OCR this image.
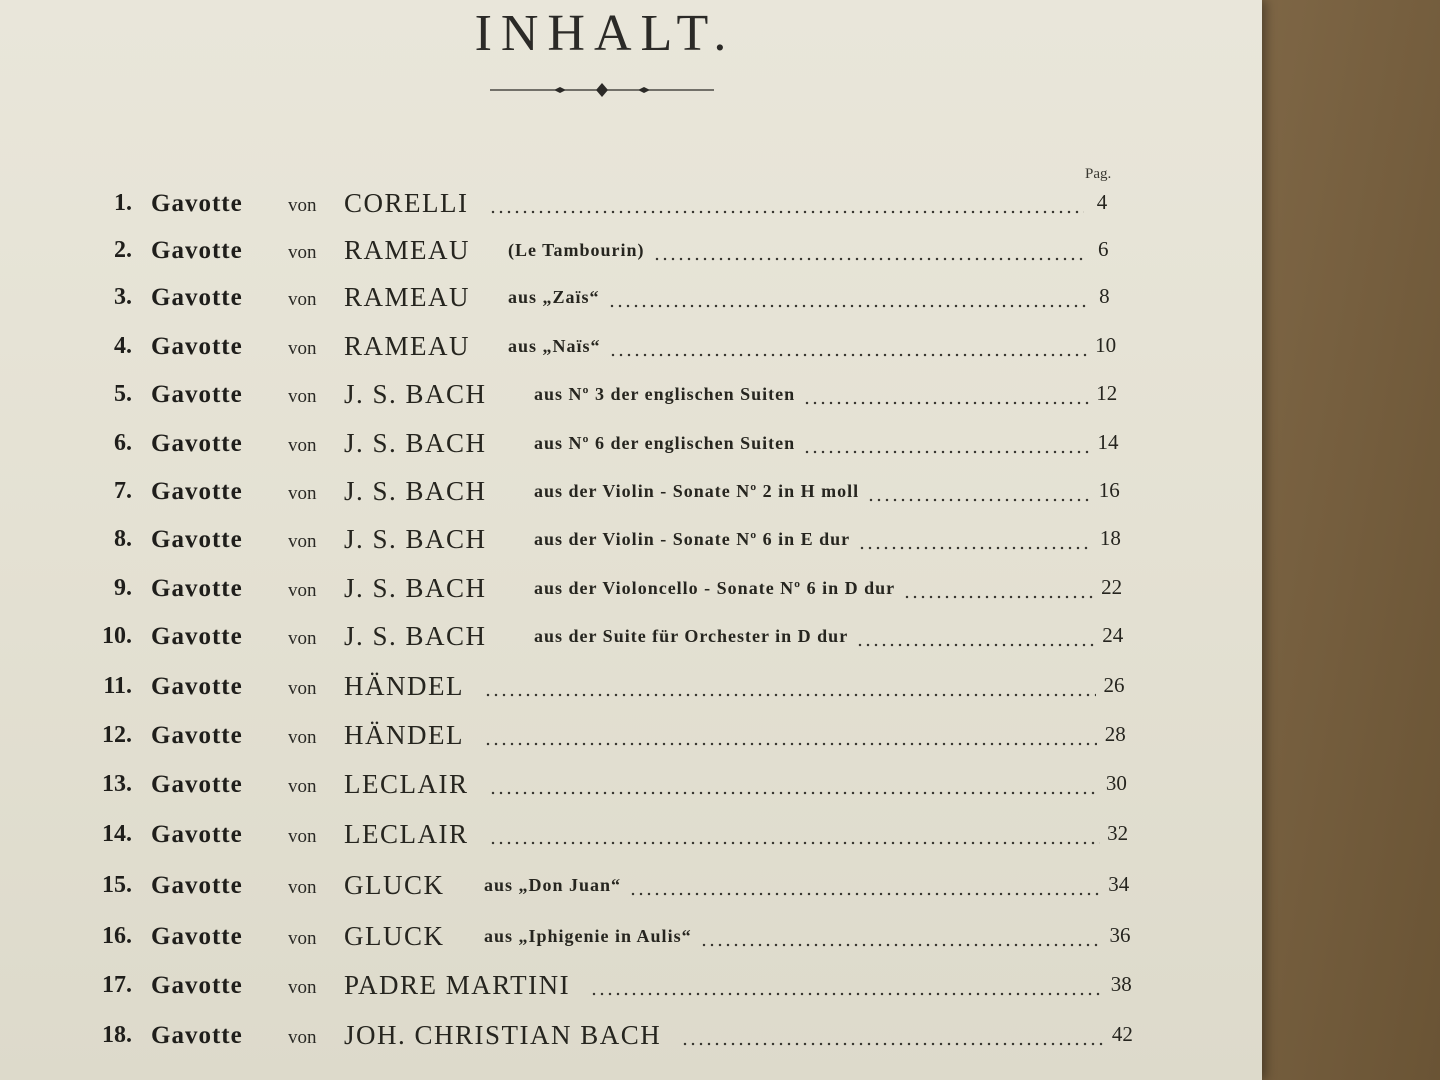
INHALT.
Pag.
1. Gavotte von CORELLI	4
2. Gavotte von RAMEAU (Le Tambourin)	6
3. Gavotte von RAMEAU aus „Zaïs“	8
4. Gavotte von RAMEAU aus „Naïs“	10
5. Gavotte von J. S. BACH	aus Nº 3 der englischen Suiten	12
6. Gavotte von J. S. BACH	aus Nº 6 der englischen Suiten	14
7. Gavotte von J. S. BACH	aus der Violin - Sonate Nº 2 in H moll	16
8. Gavotte von J. S. BACH	aus der Violin - Sonate Nº 6 in E dur	18
9. Gavotte von J. S. BACH	aus der Violoncello - Sonate Nº 6 in D dur	22
10. Gavotte von J. S. BACH	aus der Suite für Orchester in D dur	24
11. Gavotte von HÄNDEL	26
12. Gavotte von HÄNDEL	28
13. Gavotte von LECLAIR	30
14. Gavotte von LECLAIR	32
15. Gavotte von GLUCK aus „Don Juan“	34
16. Gavotte von GLUCK aus „Iphigenie in Aulis“	36
17. Gavotte von PADRE MARTINI	38
18. Gavotte von JOH. CHRISTIAN BACH	42
